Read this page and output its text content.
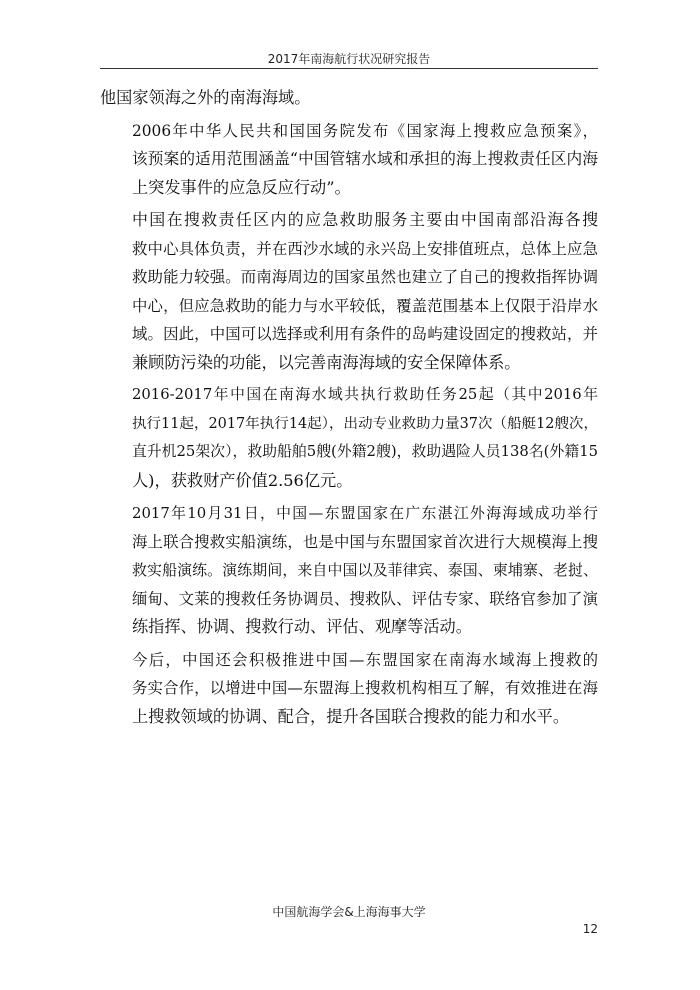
2017年南海航行状况研究报告

他国家领海之外的南海海域。

2006年中华人民共和国国务院发布《国家海上搜救应急预案》，
该预案的适用范围涵盖“中国管辖水域和承担的海上搜救责任区内海
上突发事件的应急反应行动”。

中国在搜救责任区内的应急救助服务主要由中国南部沿海各搜
救中心具体负责，并在西沙水域的永兴岛上安排值班点，总体上应急
救助能力较强。而南海周边的国家虽然也建立了自己的搜救指挥协调
中心，但应急救助的能力与水平较低，覆盖范围基本上仅限于沿岸水
域。因此，中国可以选择或利用有条件的岛屿建设固定的搜救站，并
兼顾防污染的功能，以完善南海海域的安全保障体系。

2016-2017年中国在南海水域共执行救助任务25起（其中2016年
执行11起，2017年执行14起），出动专业救助力量37次（船艇12艘次，
直升机25架次），救助船舶5艘(外籍2艘)，救助遇险人员138名(外籍15
人)，获救财产价值2.56亿元。

2017年10月31日，中国—东盟国家在广东湛江外海海域成功举行
海上联合搜救实船演练，也是中国与东盟国家首次进行大规模海上搜
救实船演练。演练期间，来自中国以及菲律宾、泰国、柬埔寨、老挝、
缅甸、文莱的搜救任务协调员、搜救队、评估专家、联络官参加了演
练指挥、协调、搜救行动、评估、观摩等活动。

今后，中国还会积极推进中国—东盟国家在南海水域海上搜救的
务实合作，以增进中国—东盟海上搜救机构相互了解，有效推进在海
上搜救领域的协调、配合，提升各国联合搜救的能力和水平。

中国航海学会&上海海事大学
12
